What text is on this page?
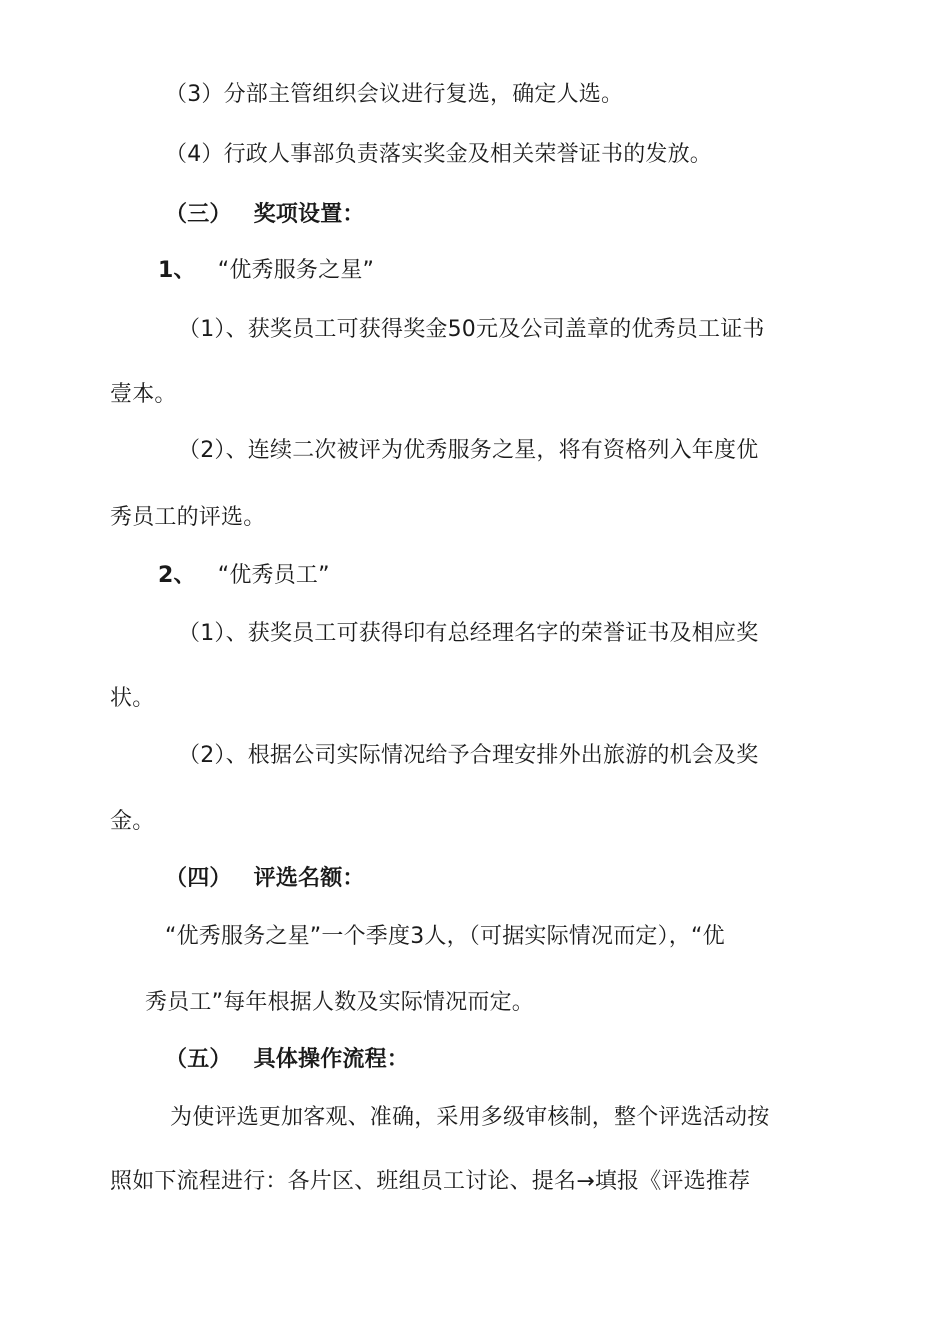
（3）分部主管组织会议进行复选，确定人选。
（4）行政人事部负责落实奖金及相关荣誉证书的发放。
（三） 奖项设置：
1、 “优秀服务之星”
（1）、获奖员工可获得奖金50元及公司盖章的优秀员工证书
壹本。
（2）、连续二次被评为优秀服务之星，将有资格列入年度优
秀员工的评选。
2、 “优秀员工”
（1）、获奖员工可获得印有总经理名字的荣誉证书及相应奖
状。
（2）、根据公司实际情况给予合理安排外出旅游的机会及奖
金。
（四） 评选名额：
“优秀服务之星”一个季度3人，（可据实际情况而定），“优
秀员工”每年根据人数及实际情况而定。
（五） 具体操作流程：
为使评选更加客观、准确，采用多级审核制，整个评选活动按
照如下流程进行：各片区、班组员工讨论、提名→填报《评选推荐
